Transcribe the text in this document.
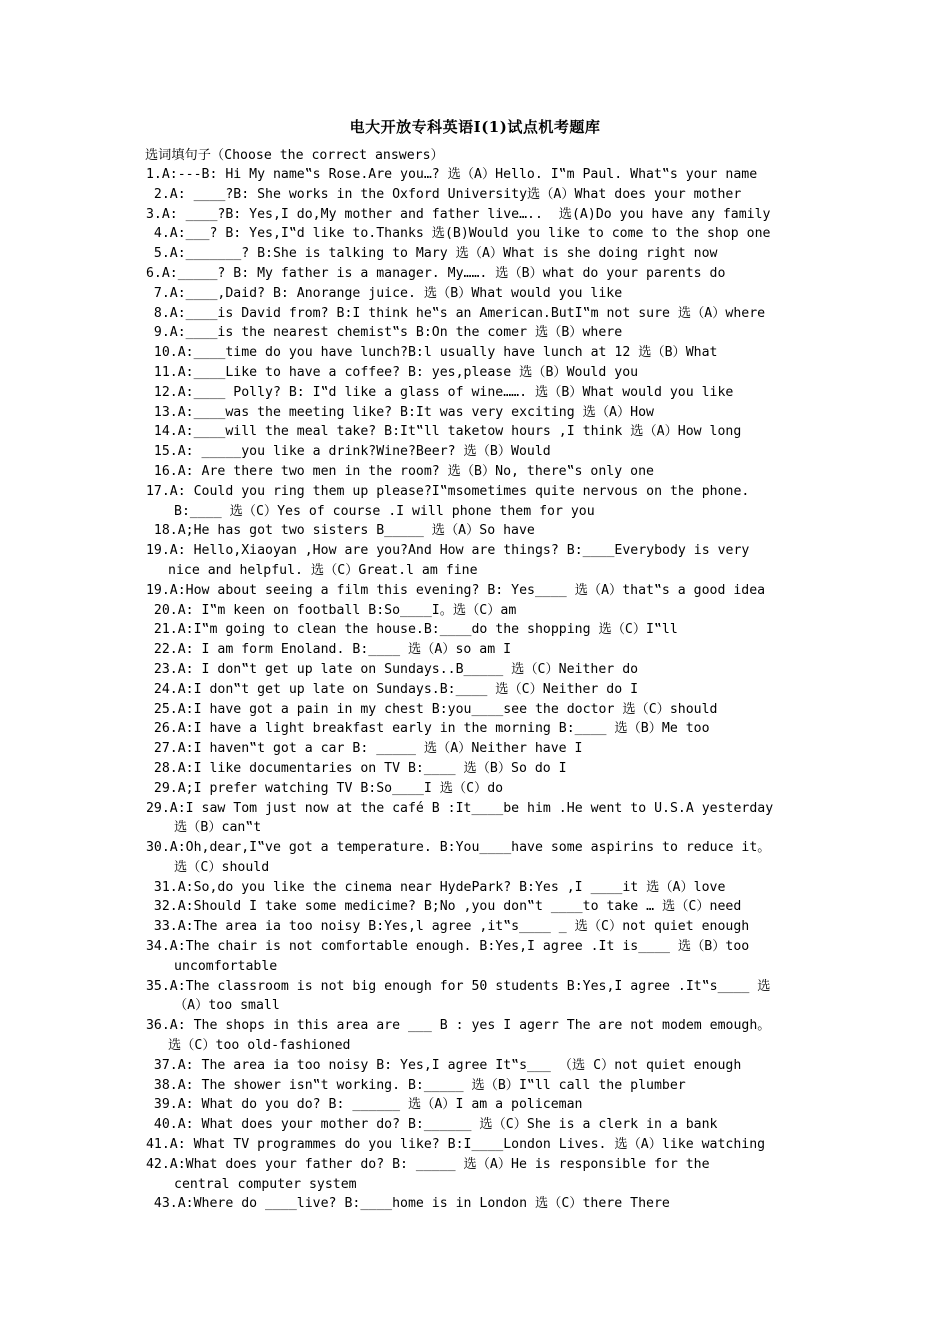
电大开放专科英语Ⅰ(1)试点机考题库
选词填句子（Choose the correct answers）
1.A:---B: Hi My name‟s Rose.Are you…? 选（A）Hello. I‟m Paul. What‟s your name
2.A: ____?B: She works in the Oxford University选（A）What does your mother
3.A: ____?B: Yes,I do,My mother and father live…..  选(A)Do you have any family
4.A:___? B: Yes,I‟d like to.Thanks 选(B)Would you like to come to the shop one
5.A:_______? B:She is talking to Mary 选（A）What is she doing right now
6.A:_____? B: My father is a manager. My……. 选（B）what do your parents do
7.A:____,Daid? B: Anorange juice. 选（B）What would you like
8.A:____is David from? B:I think he‟s an American.ButI‟m not sure 选（A）where
9.A:____is the nearest chemist‟s B:On the comer 选（B）where
10.A:____time do you have lunch?B:l usually have lunch at 12 选（B）What
11.A:____Like to have a coffee? B: yes,please 选（B）Would you
12.A:____ Polly? B: I‟d like a glass of wine……. 选（B）What would you like
13.A:____was the meeting like? B:It was very exciting 选（A）How
14.A:____will the meal take? B:It‟ll taketow hours ,I think 选（A）How long
15.A: _____you like a drink?Wine?Beer? 选（B）Would
16.A: Are there two men in the room? 选（B）No, there‟s only one
17.A: Could you ring them up please?I‟msometimes quite nervous on the phone.
B:____ 选（C）Yes of course .I will phone them for you
18.A;He has got two sisters B_____ 选（A）So have
19.A: Hello,Xiaoyan ,How are you?And How are things? B:____Everybody is very
nice and helpful. 选（C）Great.l am fine
19.A:How about seeing a film this evening? B: Yes____ 选（A）that‟s a good idea
20.A: I‟m keen on football B:So____I。选（C）am
21.A:I‟m going to clean the house.B:____do the shopping 选（C）I‟ll
22.A: I am form Enoland. B:____ 选（A）so am I
23.A: I don‟t get up late on Sundays..B_____ 选（C）Neither do
24.A:I don‟t get up late on Sundays.B:____ 选（C）Neither do I
25.A:I have got a pain in my chest B:you____see the doctor 选（C）should
26.A:I have a light breakfast early in the morning B:____ 选（B）Me too
27.A:I haven‟t got a car B: _____ 选（A）Neither have I
28.A:I like documentaries on TV B:____ 选（B）So do I
29.A;I prefer watching TV B:So____I 选（C）do
29.A:I saw Tom just now at the café B :It____be him .He went to U.S.A yesterday
选（B）can‟t
30.A:Oh,dear,I‟ve got a temperature. B:You____have some aspirins to reduce it。
选（C）should
31.A:So,do you like the cinema near HydePark? B:Yes ,I ____it 选（A）love
32.A:Should I take some medicime? B;No ,you don‟t ____to take … 选（C）need
33.A:The area ia too noisy B:Yes,l agree ,it‟s____ _ 选（C）not quiet enough
34.A:The chair is not comfortable enough. B:Yes,I agree .It is____ 选（B）too
uncomfortable
35.A:The classroom is not big enough for 50 students B:Yes,I agree .It‟s____ 选
（A）too small
36.A: The shops in this area are ___ B : yes I agerr The are not modem emough。
选（C）too old-fashioned
37.A: The area ia too noisy B: Yes,I agree It‟s___ （选 C）not quiet enough
38.A: The shower isn‟t working. B:_____ 选（B）I‟ll call the plumber
39.A: What do you do? B: ______ 选（A）I am a policeman
40.A: What does your mother do? B:______ 选（C）She is a clerk in a bank
41.A: What TV programmes do you like? B:I____London Lives. 选（A）like watching
42.A:What does your father do? B: _____ 选（A）He is responsible for the
central computer system
43.A:Where do ____live? B:____home is in London 选（C）there There
